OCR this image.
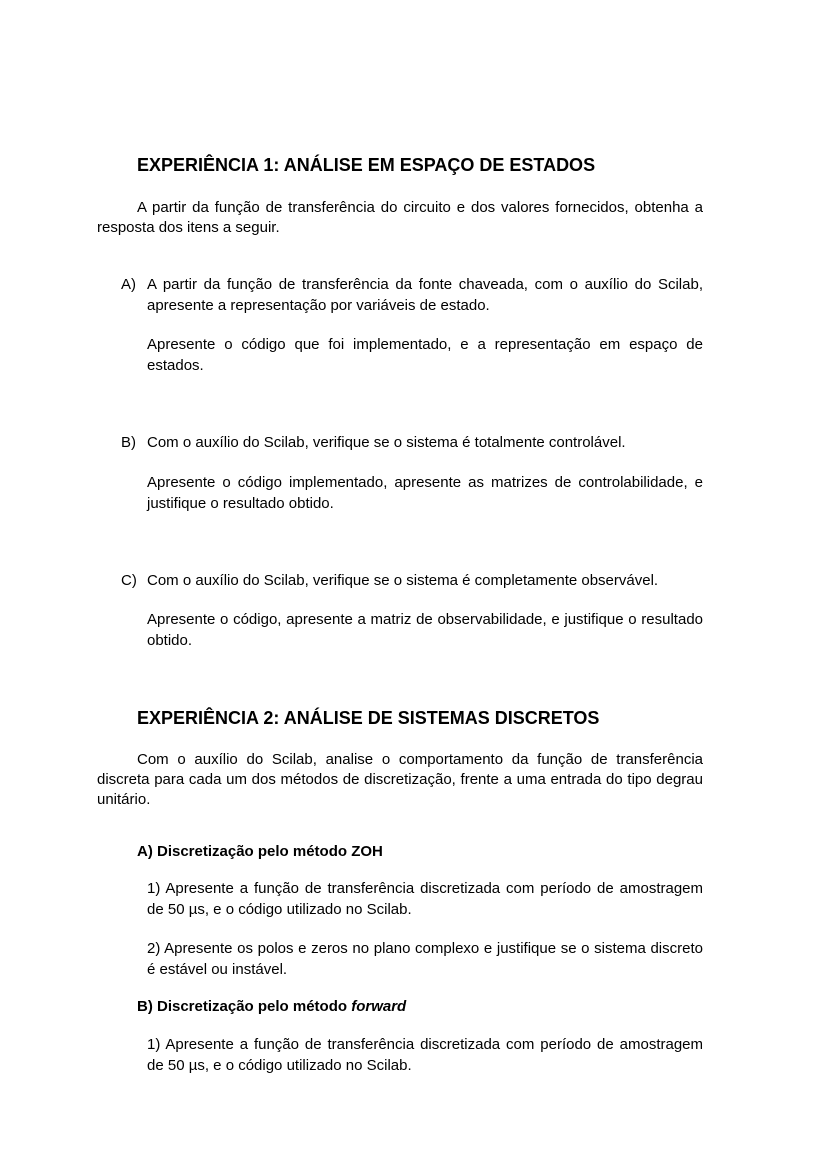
EXPERIÊNCIA 1: ANÁLISE EM ESPAÇO DE ESTADOS
A partir da função de transferência do circuito e dos valores fornecidos, obtenha a resposta dos itens a seguir.
A) A partir da função de transferência da fonte chaveada, com o auxílio do Scilab, apresente a representação por variáveis de estado.
Apresente o código que foi implementado, e a representação em espaço de estados.
B) Com o auxílio do Scilab, verifique se o sistema é totalmente controlável.
Apresente o código implementado, apresente as matrizes de controlabilidade, e justifique o resultado obtido.
C) Com o auxílio do Scilab, verifique se o sistema é completamente observável.
Apresente o código, apresente a matriz de observabilidade, e justifique o resultado obtido.
EXPERIÊNCIA 2: ANÁLISE DE SISTEMAS DISCRETOS
Com o auxílio do Scilab, analise o comportamento da função de transferência discreta para cada um dos métodos de discretização, frente a uma entrada do tipo degrau unitário.
A) Discretização pelo método ZOH
1) Apresente a função de transferência discretizada com período de amostragem de 50 µs, e o código utilizado no Scilab.
2) Apresente os polos e zeros no plano complexo e justifique se o sistema discreto é estável ou instável.
B) Discretização pelo método forward
1) Apresente a função de transferência discretizada com período de amostragem de 50 µs, e o código utilizado no Scilab.
